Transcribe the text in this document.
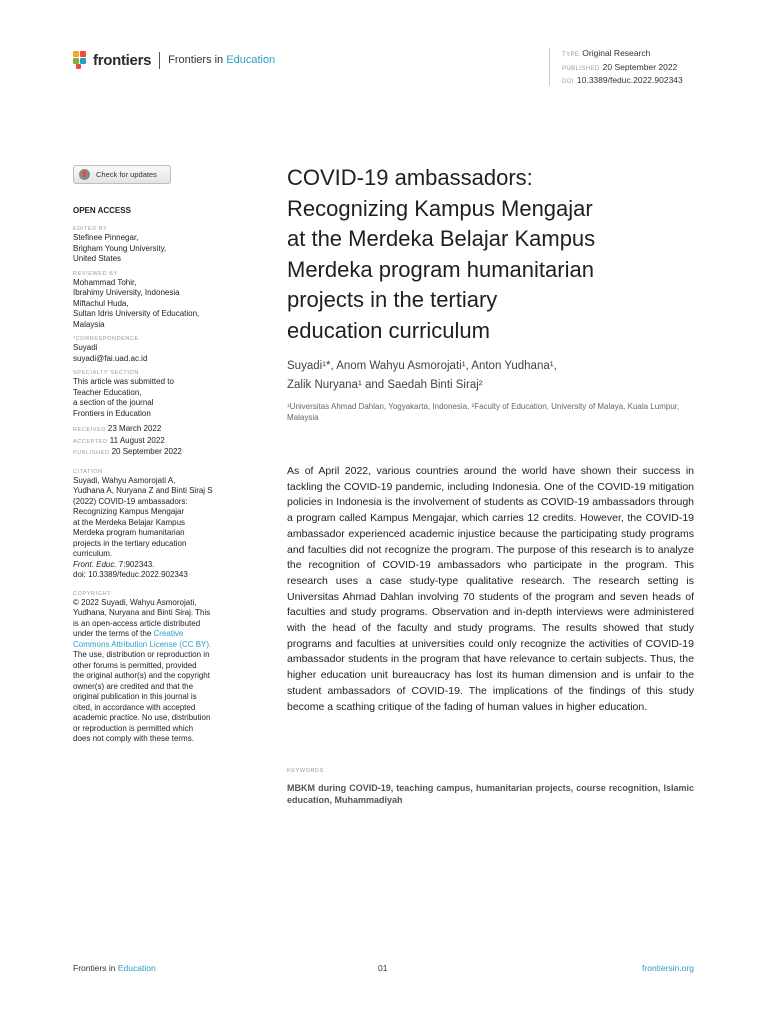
frontiers Frontiers in Education	TYPE Original Research
PUBLISHED 20 September 2022
DOI 10.3389/feduc.2022.902343
Check for updates
OPEN ACCESS
EDITED BY
Stefinee Pinnegar,
Brigham Young University,
United States
REVIEWED BY
Mohammad Tohir,
Ibrahimy University, Indonesia
Miftachul Huda,
Sultan Idris University of Education,
Malaysia
*CORRESPONDENCE
Suyadi
suyadi@fai.uad.ac.id
SPECIALTY SECTION
This article was submitted to
Teacher Education,
a section of the journal
Frontiers in Education
RECEIVED 23 March 2022
ACCEPTED 11 August 2022
PUBLISHED 20 September 2022
CITATION
Suyadi, Wahyu Asmorojati A,
Yudhana A, Nuryana Z and Binti Siraj S
(2022) COVID-19 ambassadors:
Recognizing Kampus Mengajar
at the Merdeka Belajar Kampus
Merdeka program humanitarian
projects in the tertiary education
curriculum.
Front. Educ. 7:902343.
doi: 10.3389/feduc.2022.902343
COPYRIGHT
© 2022 Suyadi, Wahyu Asmorojati,
Yudhana, Nuryana and Binti Siraj. This
is an open-access article distributed
under the terms of the Creative
Commons Attribution License (CC BY).
The use, distribution or reproduction in
other forums is permitted, provided
the original author(s) and the copyright
owner(s) are credited and that the
original publication in this journal is
cited, in accordance with accepted
academic practice. No use, distribution
or reproduction is permitted which
does not comply with these terms.
COVID-19 ambassadors:
Recognizing Kampus Mengajar
at the Merdeka Belajar Kampus
Merdeka program humanitarian
projects in the tertiary
education curriculum
Suyadi¹*, Anom Wahyu Asmorojati¹, Anton Yudhana¹,
Zalik Nuryana¹ and Saedah Binti Siraj²
¹Universitas Ahmad Dahlan, Yogyakarta, Indonesia, ²Faculty of Education, University of Malaya, Kuala Lumpur, Malaysia
As of April 2022, various countries around the world have shown their success in tackling the COVID-19 pandemic, including Indonesia. One of the COVID-19 mitigation policies in Indonesia is the involvement of students as COVID-19 ambassadors through a program called Kampus Mengajar, which carries 12 credits. However, the COVID-19 ambassador experienced academic injustice because the participating study programs and faculties did not recognize the program. The purpose of this research is to analyze the recognition of COVID-19 ambassadors who participate in the program. This research uses a case study-type qualitative research. The research setting is Universitas Ahmad Dahlan involving 70 students of the program and seven heads of faculties and study programs. Observation and in-depth interviews were administered with the head of the faculty and study programs. The results showed that study programs and faculties at universities could only recognize the activities of COVID-19 ambassador students in the program that have relevance to certain subjects. Thus, the higher education unit bureaucracy has lost its human dimension and is unfair to the student ambassadors of COVID-19. The implications of the findings of this study become a scathing critique of the fading of human values in higher education.
KEYWORDS
MBKM during COVID-19, teaching campus, humanitarian projects, course recognition, Islamic education, Muhammadiyah
Frontiers in Education	01	frontiersin.org
